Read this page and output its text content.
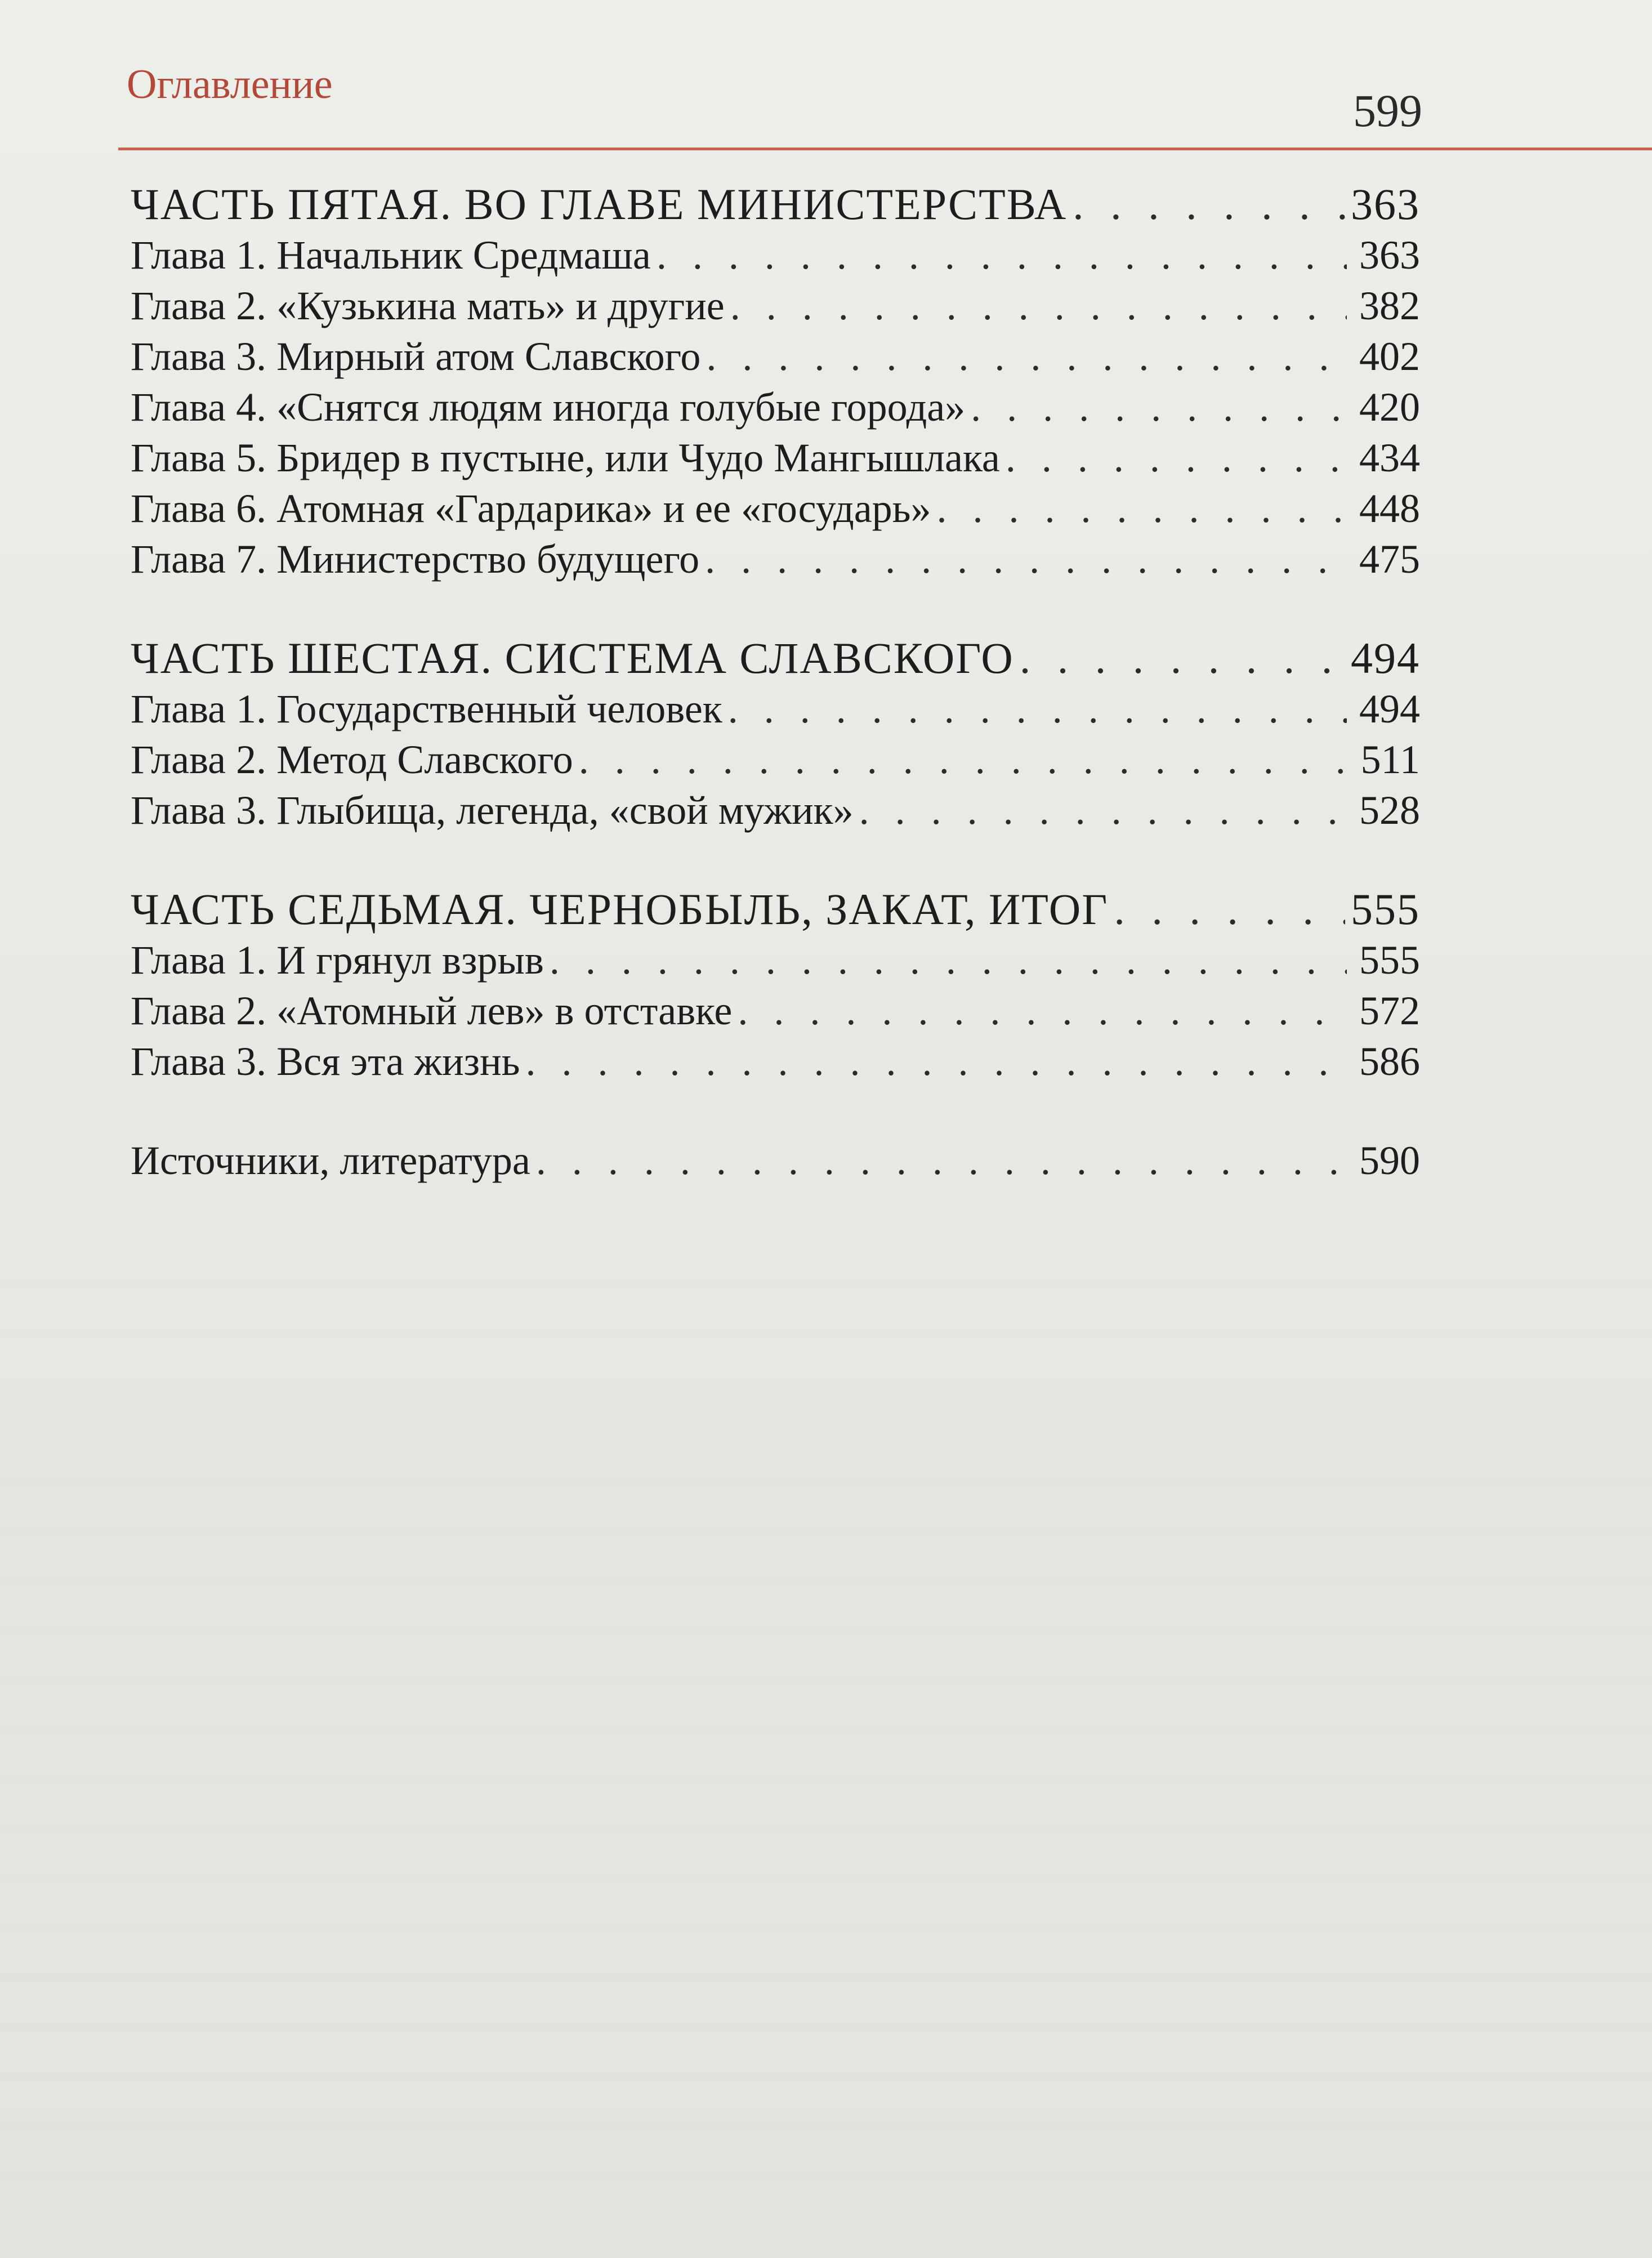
Оглавление
599
ЧАСТЬ ПЯТАЯ. ВО ГЛАВЕ МИНИСТЕРСТВА . . .	363
Глава 1. Начальник Средмаша . . .	363
Глава 2. «Кузькина мать» и другие . . .	382
Глава 3. Мирный атом Славского . . .	402
Глава 4. «Снятся людям иногда голубые города» . . .	420
Глава 5. Бридер в пустыне, или Чудо Мангышлака . . .	434
Глава 6. Атомная «Гардарика» и ее «государь» . . .	448
Глава 7. Министерство будущего . . .	475
ЧАСТЬ ШЕСТАЯ. СИСТЕМА СЛАВСКОГО . . .	494
Глава 1. Государственный человек . . .	494
Глава 2. Метод Славского . . .	511
Глава 3. Глыбища, легенда, «свой мужик» . . .	528
ЧАСТЬ СЕДЬМАЯ. ЧЕРНОБЫЛЬ, ЗАКАТ, ИТОГ . . .	555
Глава 1. И грянул взрыв . . .	555
Глава 2. «Атомный лев» в отставке . . .	572
Глава 3. Вся эта жизнь . . .	586
Источники, литература . . .	590
